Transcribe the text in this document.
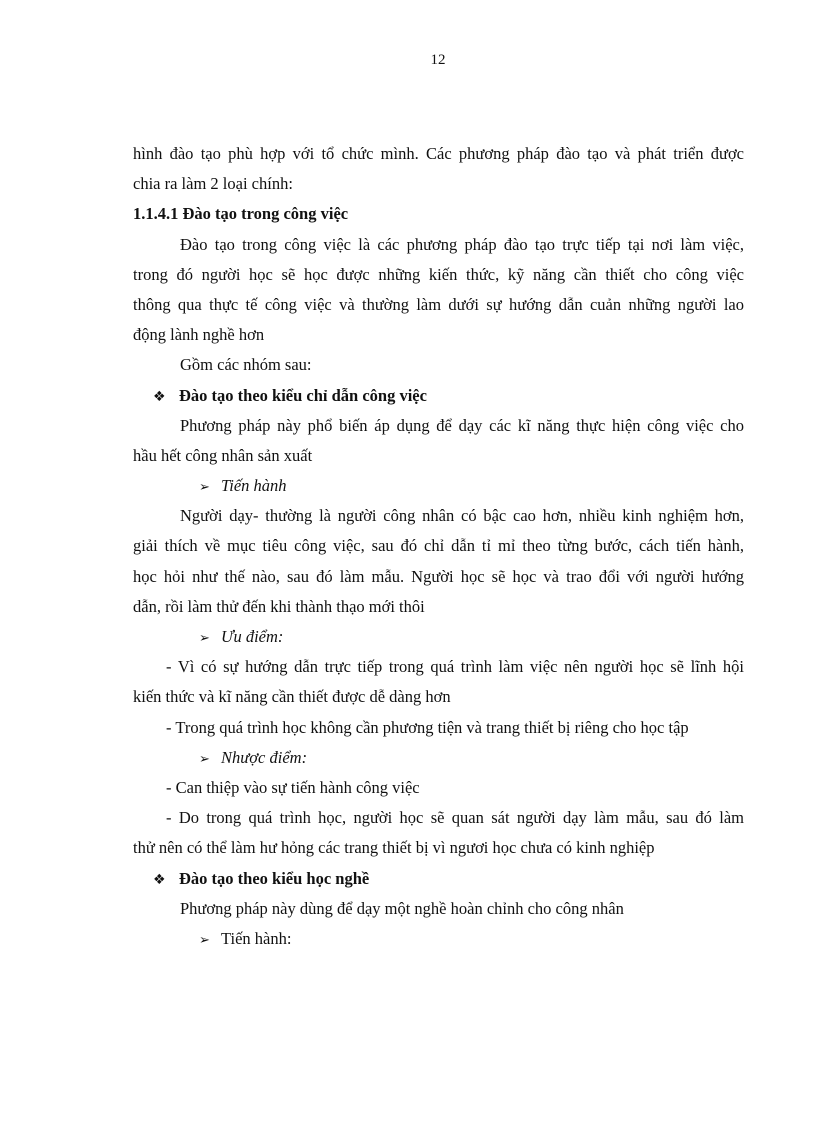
12
hình đào tạo phù hợp với tổ chức mình. Các phương pháp đào tạo và phát triển được
chia ra làm 2 loại chính:
1.1.4.1 Đào tạo trong công việc
Đào tạo trong công việc là các phương pháp đào tạo trực tiếp tại nơi làm việc,
trong đó người học sẽ học được những kiến thức, kỹ năng cần thiết cho công việc
thông qua thực tế công việc và thường làm dưới sự hướng dẫn cuản những người lao
động lành nghề hơn
Gồm các nhóm sau:
❖ Đào tạo theo kiểu chỉ dẫn công việc
Phương pháp này phổ biến áp dụng để dạy các kĩ năng thực hiện công việc cho
hầu hết công nhân sản xuất
➢ Tiến hành
Người dạy- thường là người công nhân có bậc cao hơn, nhiều kinh nghiệm hơn,
giải thích về mục tiêu công việc, sau đó chỉ dẫn tỉ mỉ theo từng bước, cách tiến hành,
học hỏi như thế nào, sau đó làm mẫu. Người học sẽ học và trao đổi với người hướng
dẫn, rồi làm thử đến khi thành thạo mới thôi
➢ Ưu điểm:
- Vì có sự hướng dẫn trực tiếp trong quá trình làm việc nên người học sẽ lĩnh hội
kiến thức và kĩ năng cần thiết được dễ dàng hơn
- Trong quá trình học không cần phương tiện và trang thiết bị riêng cho học tập
➢ Nhược điểm:
- Can thiệp vào sự tiến hành công việc
- Do trong quá trình học, người học sẽ quan sát người dạy làm mẫu, sau đó làm
thử nên có thể làm hư hỏng các trang thiết bị vì ngươi học chưa có kinh nghiệp
❖ Đào tạo theo kiểu học nghề
Phương pháp này dùng để dạy một nghề hoàn chỉnh cho công nhân
➢ Tiến hành:
